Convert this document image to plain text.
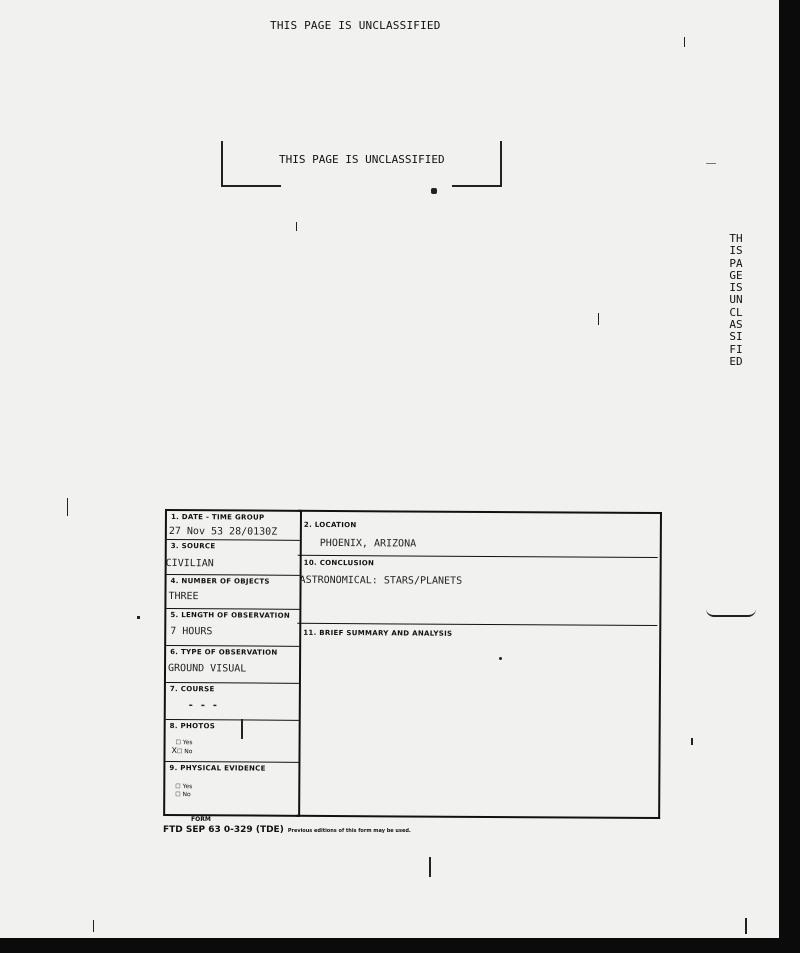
THIS PAGE IS UNCLASSIFIED
THIS PAGE IS UNCLASSIFIED
THIS PAGE IS UNCLASSIFIED
1. DATE - TIME GROUP
27 Nov 53 28/0130Z
3. SOURCE
CIVILIAN
4. NUMBER OF OBJECTS
THREE
5. LENGTH OF OBSERVATION
7 HOURS
6. TYPE OF OBSERVATION
GROUND VISUAL
7. COURSE
- - -
8. PHOTOS
☐ Yes
X☐ No
9. PHYSICAL EVIDENCE
☐ Yes
☐ No
2. LOCATION
PHOENIX, ARIZONA
10. CONCLUSION
ASTRONOMICAL: STARS/PLANETS
11. BRIEF SUMMARY AND ANALYSIS
FORM
FTD SEP 63 0-329 (TDE) Previous editions of this form may be used.
